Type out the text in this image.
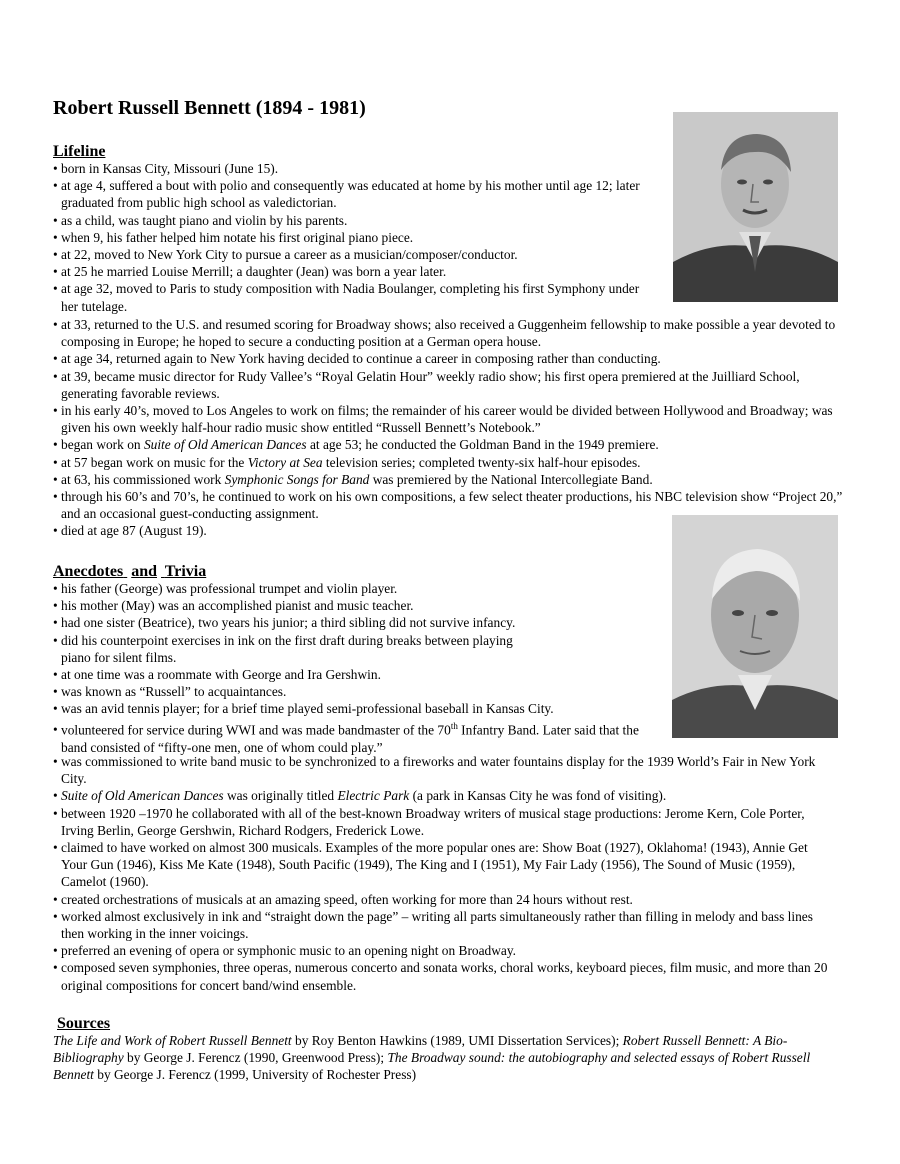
Robert Russell Bennett (1894 - 1981)
Lifeline
• born in Kansas City, Missouri (June 15).
• at age 4, suffered a bout with polio and consequently was educated at home by his mother until age 12; later graduated from public high school as valedictorian.
• as a child, was taught piano and violin by his parents.
• when 9, his father helped him notate his first original piano piece.
• at 22, moved to New York City to pursue a career as a musician/composer/conductor.
• at 25 he married Louise Merrill; a daughter (Jean) was born a year later.
• at age 32, moved to Paris to study composition with Nadia Boulanger, completing his first Symphony under her tutelage.
• at 33, returned to the U.S. and resumed scoring for Broadway shows; also received a Guggenheim fellowship to make possible a year devoted to composing in Europe; he hoped to secure a conducting position at a German opera house.
• at age 34, returned again to New York having decided to continue a career in composing rather than conducting.
• at 39, became music director for Rudy Vallee’s “Royal Gelatin Hour” weekly radio show; his first opera premiered at the Juilliard School, generating favorable reviews.
• in his early 40’s, moved to Los Angeles to work on films; the remainder of his career would be divided between Hollywood and Broadway; was given his own weekly half-hour radio music show entitled “Russell Bennett’s Notebook.”
• began work on Suite of Old American Dances at age 53; he conducted the Goldman Band in the 1949 premiere.
• at 57 began work on music for the Victory at Sea television series; completed twenty-six half-hour episodes.
• at 63, his commissioned work Symphonic Songs for Band was premiered by the National Intercollegiate Band.
• through his 60’s and 70’s, he continued to work on his own compositions, a few select theater productions, his NBC television show “Project 20,” and an occasional guest-conducting assignment.
• died at age 87 (August 19).
Anecdotes and Trivia
• his father (George) was professional trumpet and violin player.
• his mother (May) was an accomplished pianist and music teacher.
• had one sister (Beatrice), two years his junior; a third sibling did not survive infancy.
• did his counterpoint exercises in ink on the first draft during breaks between playing piano for silent films.
• at one time was a roommate with George and Ira Gershwin.
• was known as “Russell” to acquaintances.
• was an avid tennis player; for a brief time played semi-professional baseball in Kansas City.
• volunteered for service during WWI and was made bandmaster of the 70th Infantry Band. Later said that the band consisted of “fifty-one men, one of whom could play.”
• was commissioned to write band music to be synchronized to a fireworks and water fountains display for the 1939 World’s Fair in New York City.
• Suite of Old American Dances was originally titled Electric Park (a park in Kansas City he was fond of visiting).
• between 1920 –1970 he collaborated with all of the best-known Broadway writers of musical stage productions: Jerome Kern, Cole Porter, Irving Berlin, George Gershwin, Richard Rodgers, Frederick Lowe.
• claimed to have worked on almost 300 musicals. Examples of the more popular ones are: Show Boat (1927), Oklahoma! (1943), Annie Get Your Gun (1946), Kiss Me Kate (1948), South Pacific (1949), The King and I (1951), My Fair Lady (1956), The Sound of Music (1959), Camelot (1960).
• created orchestrations of musicals at an amazing speed, often working for more than 24 hours without rest.
• worked almost exclusively in ink and “straight down the page” – writing all parts simultaneously rather than filling in melody and bass lines then working in the inner voicings.
• preferred an evening of opera or symphonic music to an opening night on Broadway.
• composed seven symphonies, three operas, numerous concerto and sonata works, choral works, keyboard pieces, film music, and more than 20 original compositions for concert band/wind ensemble.
Sources

The Life and Work of Robert Russell Bennett by Roy Benton Hawkins (1989, UMI Dissertation Services); Robert Russell Bennett: A Bio-Bibliography by George J. Ferencz (1990, Greenwood Press); The Broadway sound: the autobiography and selected essays of Robert Russell Bennett by George J. Ferencz (1999, University of Rochester Press)
